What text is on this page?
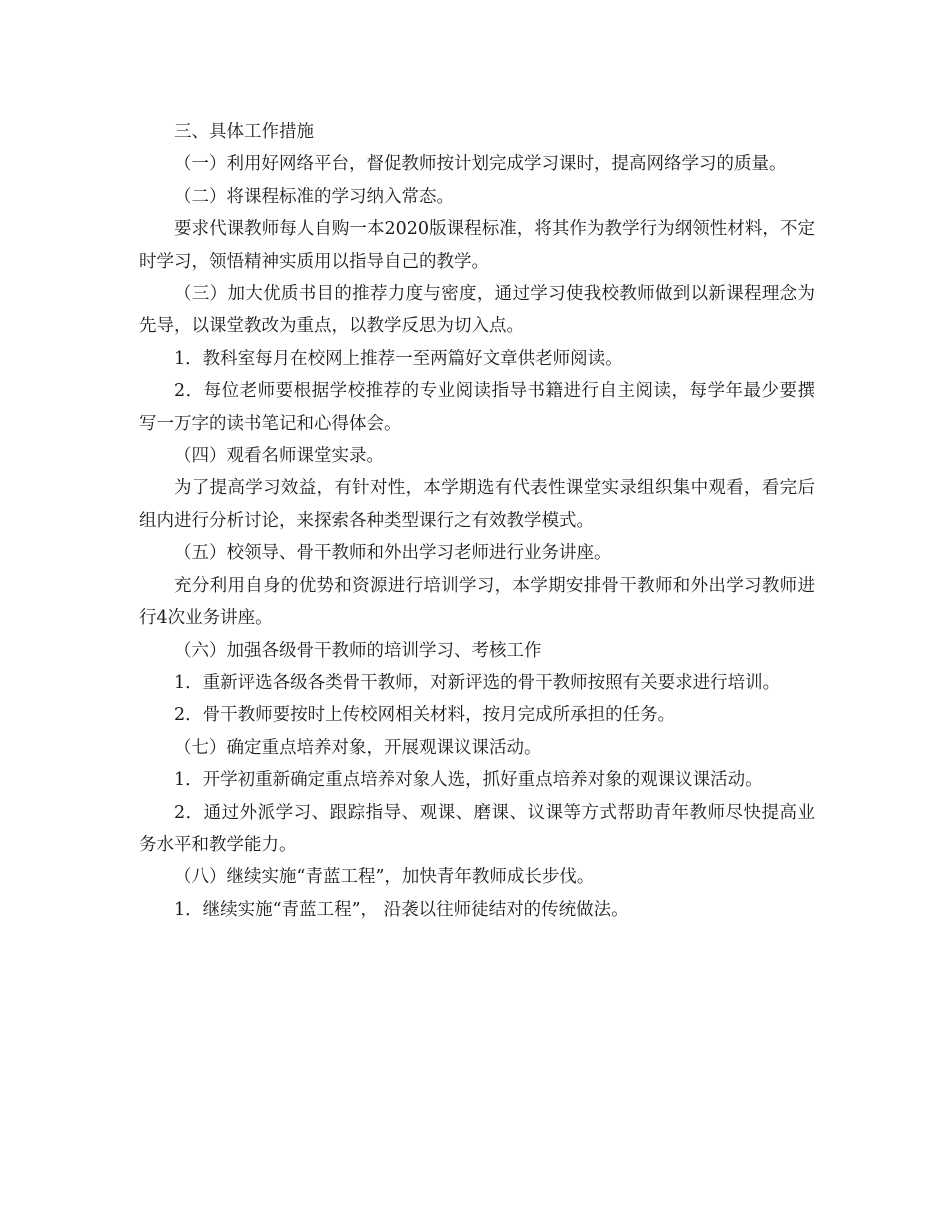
三、具体工作措施

（一）利用好网络平台，督促教师按计划完成学习课时，提高网络学习的质量。

（二）将课程标准的学习纳入常态。

要求代课教师每人自购一本2020版课程标准，将其作为教学行为纲领性材料，不定时学习，领悟精神实质用以指导自己的教学。

（三）加大优质书目的推荐力度与密度，通过学习使我校教师做到以新课程理念为先导，以课堂教改为重点，以教学反思为切入点。

1．教科室每月在校网上推荐一至两篇好文章供老师阅读。

2．每位老师要根据学校推荐的专业阅读指导书籍进行自主阅读，每学年最少要撰写一万字的读书笔记和心得体会。

（四）观看名师课堂实录。

为了提高学习效益，有针对性，本学期选有代表性课堂实录组织集中观看，看完后组内进行分析讨论，来探索各种类型课行之有效教学模式。

（五）校领导、骨干教师和外出学习老师进行业务讲座。

充分利用自身的优势和资源进行培训学习，本学期安排骨干教师和外出学习教师进行4次业务讲座。

（六）加强各级骨干教师的培训学习、考核工作

1．重新评选各级各类骨干教师，对新评选的骨干教师按照有关要求进行培训。

2．骨干教师要按时上传校网相关材料，按月完成所承担的任务。

（七）确定重点培养对象，开展观课议课活动。

1．开学初重新确定重点培养对象人选，抓好重点培养对象的观课议课活动。

2．通过外派学习、跟踪指导、观课、磨课、议课等方式帮助青年教师尽快提高业务水平和教学能力。

（八）继续实施“青蓝工程”，加快青年教师成长步伐。

1．继续实施“青蓝工程”， 沿袭以往师徒结对的传统做法。
